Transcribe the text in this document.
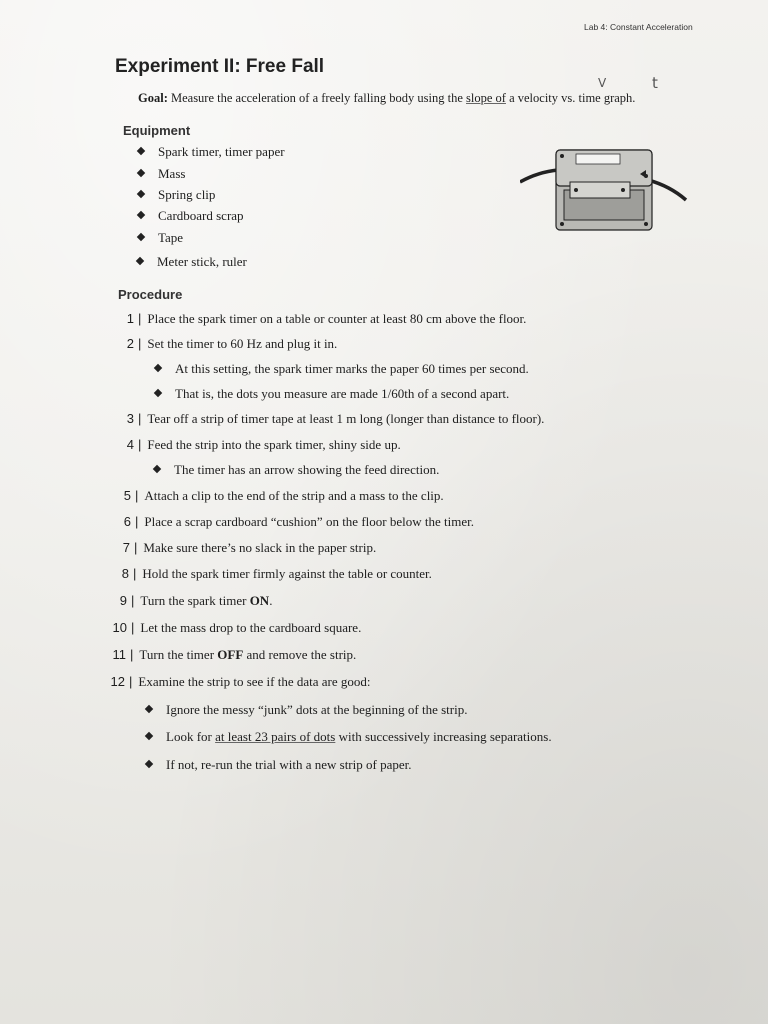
Lab 4: Constant Acceleration
Experiment II: Free Fall
V	t
Goal: Measure the acceleration of a freely falling body using the slope of a velocity vs. time graph.
Equipment
Spark timer, timer paper
Mass
Spring clip
Cardboard scrap
Tape
Meter stick, ruler
Procedure
1 | Place the spark timer on a table or counter at least 80 cm above the floor.
2 | Set the timer to 60 Hz and plug it in.
At this setting, the spark timer marks the paper 60 times per second.
That is, the dots you measure are made 1/60th of a second apart.
3 | Tear off a strip of timer tape at least 1 m long (longer than distance to floor).
4 | Feed the strip into the spark timer, shiny side up.
The timer has an arrow showing the feed direction.
5 | Attach a clip to the end of the strip and a mass to the clip.
6 | Place a scrap cardboard “cushion” on the floor below the timer.
7 | Make sure there’s no slack in the paper strip.
8 | Hold the spark timer firmly against the table or counter.
9 | Turn the spark timer ON.
10 | Let the mass drop to the cardboard square.
11 | Turn the timer OFF and remove the strip.
12 | Examine the strip to see if the data are good:
Ignore the messy “junk” dots at the beginning of the strip.
Look for at least 23 pairs of dots with successively increasing separations.
If not, re-run the trial with a new strip of paper.
